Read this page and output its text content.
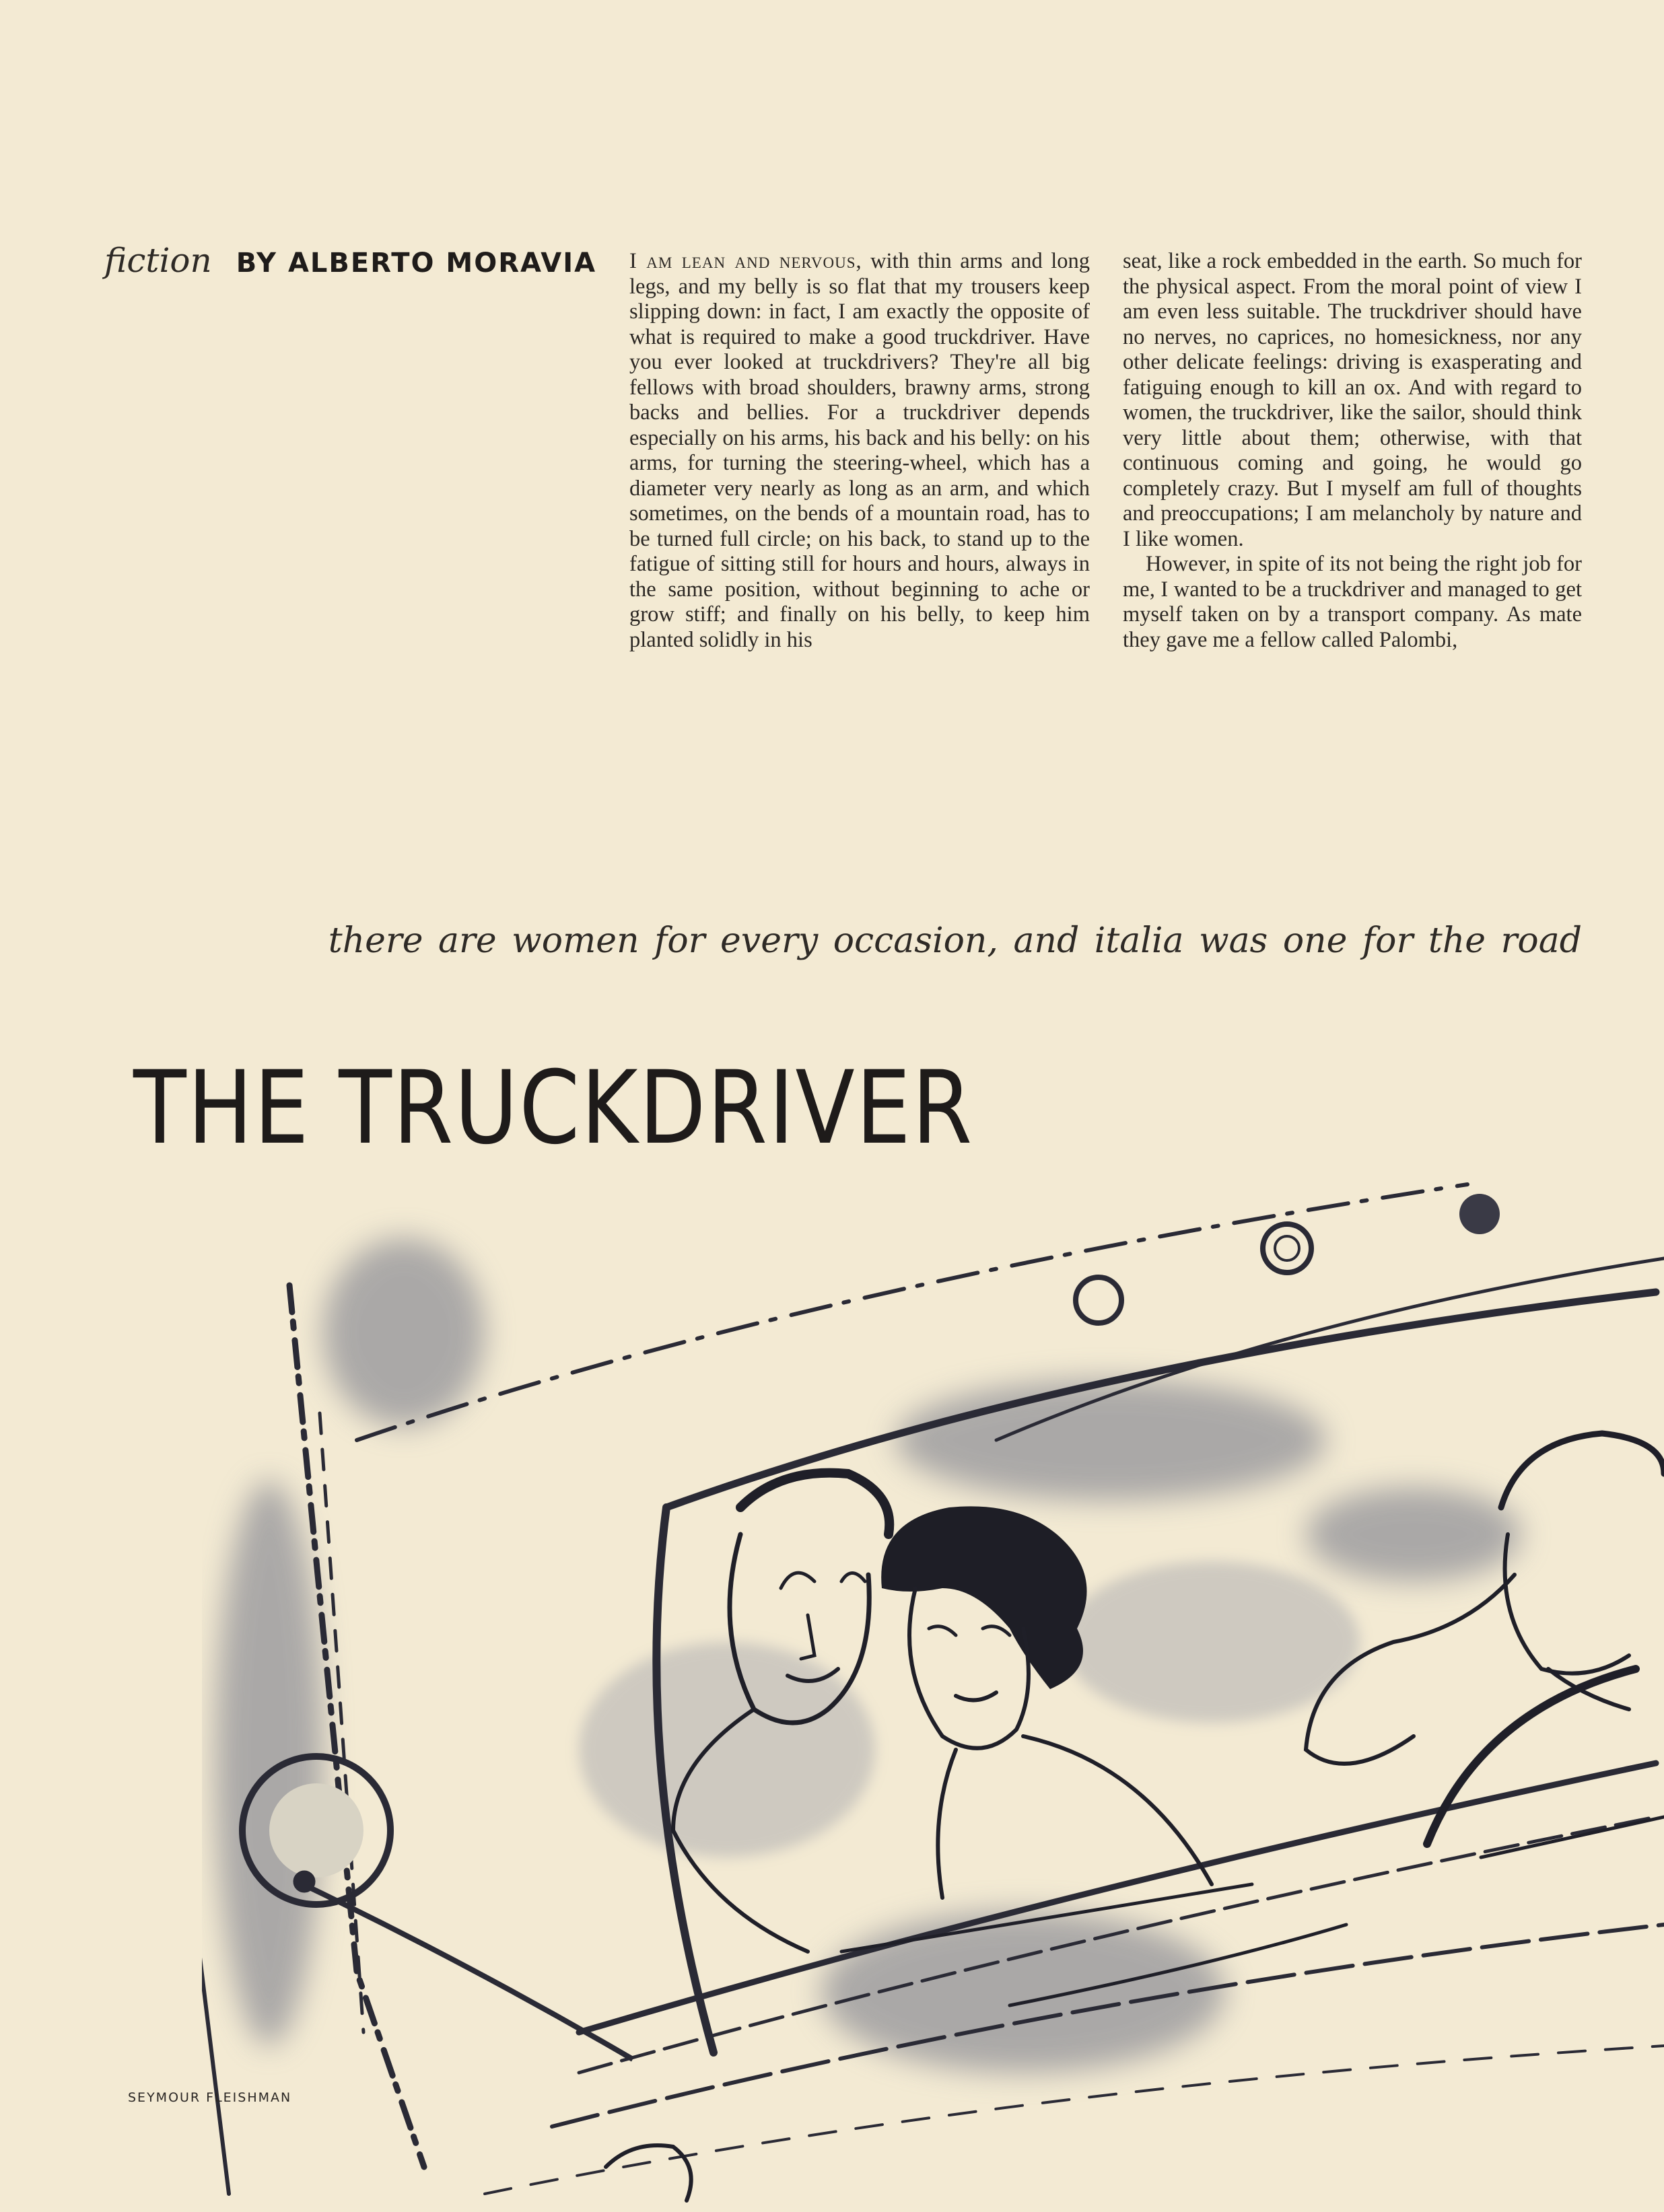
fiction BY ALBERTO MORAVIA I am lean and nervous, with thin arms and long legs, and my belly is so flat that my trousers keep slipping down: in fact, I am exactly the opposite of what is required to make a good truckdriver. Have you ever looked at truckdrivers? They're all big fellows with broad shoulders, brawny arms, strong backs and bellies. For a truckdriver depends especially on his arms, his back and his belly: on his arms, for turning the steering-wheel, which has a diameter very nearly as long as an arm, and which sometimes, on the bends of a mountain road, has to be turned full circle; on his back, to stand up to the fatigue of sitting still for hours and hours, always in the same position, without beginning to ache or grow stiff; and finally on his belly, to keep him planted solidly in his

seat, like a rock embedded in the earth. So much for the physical aspect. From the moral point of view I am even less suitable. The truckdriver should have no nerves, no caprices, no homesickness, nor any other delicate feelings: driving is exasperating and fatiguing enough to kill an ox. And with regard to women, the truckdriver, like the sailor, should think very little about them; otherwise, with that continuous coming and going, he would go completely crazy. But I myself am full of thoughts and preoccupations; I am melancholy by nature and I like women.

However, in spite of its not being the right job for me, I wanted to be a truckdriver and managed to get myself taken on by a transport company. As mate they gave me a fellow called Palombi,

there are women for every occasion, and italia was one for the road
THE TRUCKDRIVER
SEYMOUR FLEISHMAN
